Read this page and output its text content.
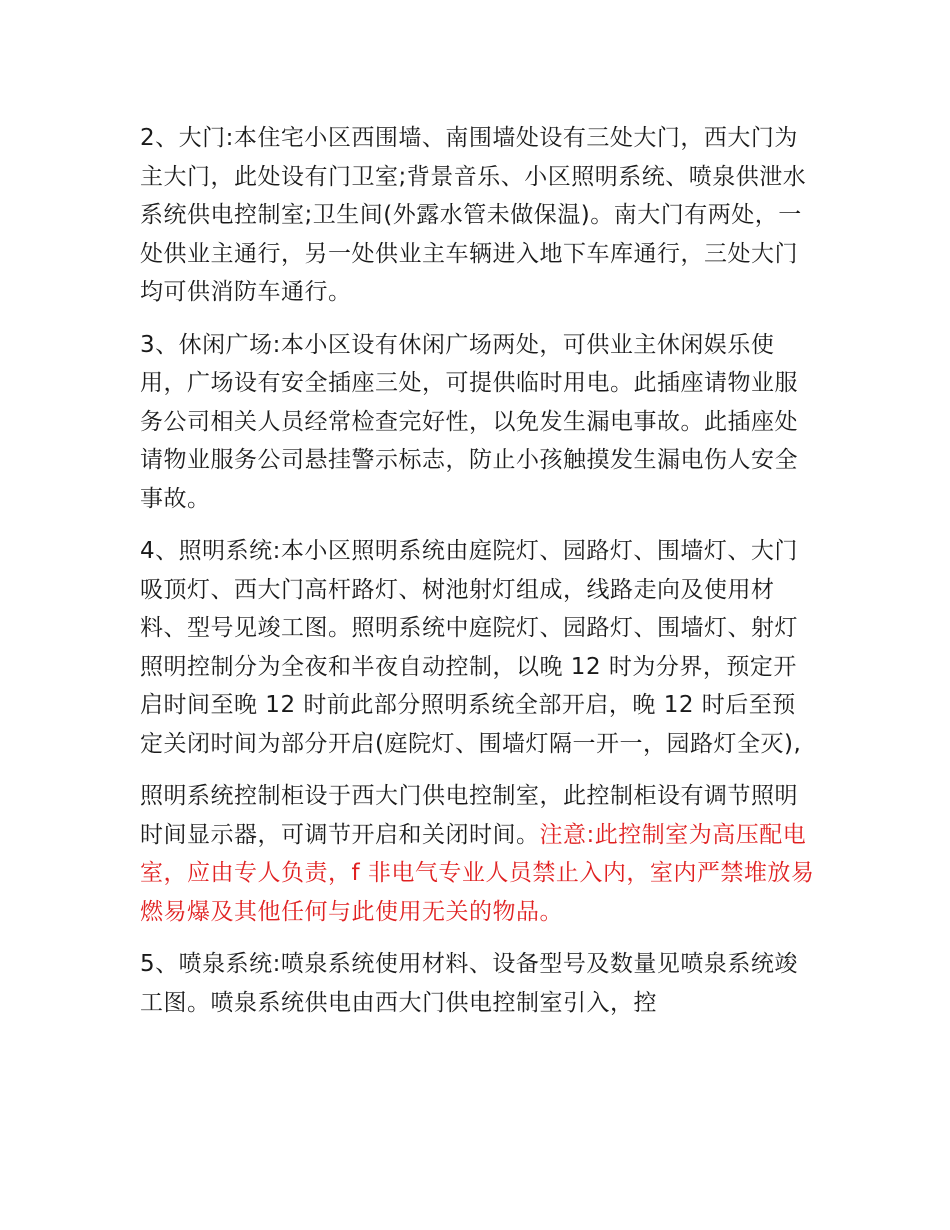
2、大门:本住宅小区西围墙、南围墙处设有三处大门，西大门为主大门，此处设有门卫室;背景音乐、小区照明系统、喷泉供泄水系统供电控制室;卫生间(外露水管未做保温)。南大门有两处，一处供业主通行，另一处供业主车辆进入地下车库通行，三处大门均可供消防车通行。

3、休闲广场:本小区设有休闲广场两处，可供业主休闲娱乐使用，广场设有安全插座三处，可提供临时用电。此插座请物业服务公司相关人员经常检查完好性，以免发生漏电事故。此插座处请物业服务公司悬挂警示标志，防止小孩触摸发生漏电伤人安全事故。

4、照明系统:本小区照明系统由庭院灯、园路灯、围墙灯、大门吸顶灯、西大门高杆路灯、树池射灯组成，线路走向及使用材料、型号见竣工图。照明系统中庭院灯、园路灯、围墙灯、射灯照明控制分为全夜和半夜自动控制，以晚 12 时为分界，预定开启时间至晚 12 时前此部分照明系统全部开启，晚 12 时后至预定关闭时间为部分开启(庭院灯、围墙灯隔一开一，园路灯全灭),

照明系统控制柜设于西大门供电控制室，此控制柜设有调节照明时间显示器，可调节开启和关闭时间。注意:此控制室为高压配电室，应由专人负责，f 非电气专业人员禁止入内，室内严禁堆放易燃易爆及其他任何与此使用无关的物品。

5、喷泉系统:喷泉系统使用材料、设备型号及数量见喷泉系统竣工图。喷泉系统供电由西大门供电控制室引入，控
